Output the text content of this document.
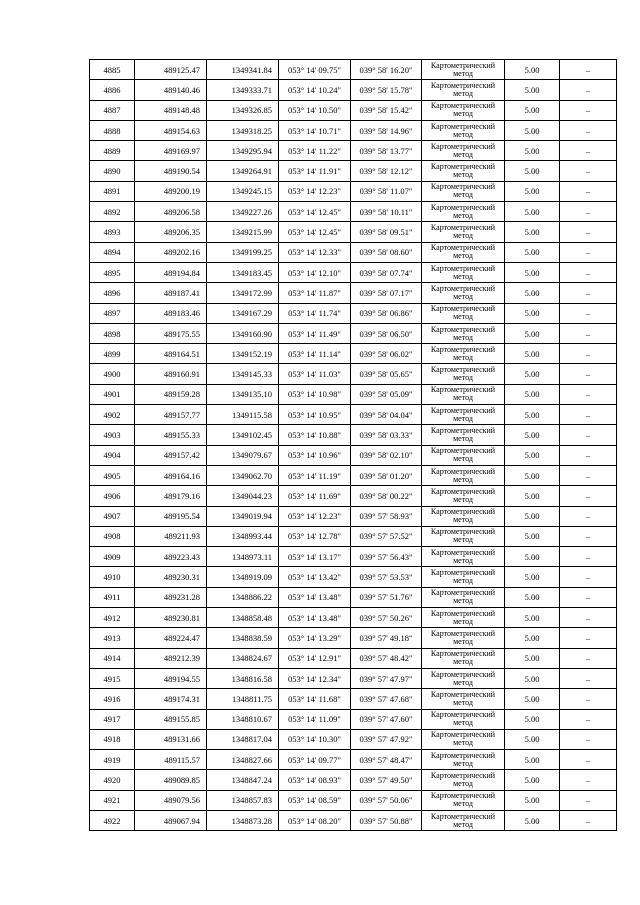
4885	489125.47	1349341.84	053° 14' 09.75"	039° 58' 16.20"	Картометрический метод	5.00	–
4886	489140.46	1349333.71	053° 14' 10.24"	039° 58' 15.78"	Картометрический метод	5.00	–
4887	489148.48	1349326.85	053° 14' 10.50"	039° 58' 15.42"	Картометрический метод	5.00	–
4888	489154.63	1349318.25	053° 14' 10.71"	039° 58' 14.96"	Картометрический метод	5.00	–
4889	489169.97	1349295.94	053° 14' 11.22"	039° 58' 13.77"	Картометрический метод	5.00	–
4890	489190.54	1349264.91	053° 14' 11.91"	039° 58' 12.12"	Картометрический метод	5.00	–
4891	489200.19	1349245.15	053° 14' 12.23"	039° 58' 11.07"	Картометрический метод	5.00	–
4892	489206.58	1349227.26	053° 14' 12.45"	039° 58' 10.11"	Картометрический метод	5.00	–
4893	489206.35	1349215.99	053° 14' 12.45"	039° 58' 09.51"	Картометрический метод	5.00	–
4894	489202.16	1349199.25	053° 14' 12.33"	039° 58' 08.60"	Картометрический метод	5.00	–
4895	489194.84	1349183.45	053° 14' 12.10"	039° 58' 07.74"	Картометрический метод	5.00	–
4896	489187.41	1349172.99	053° 14' 11.87"	039° 58' 07.17"	Картометрический метод	5.00	–
4897	489183.46	1349167.29	053° 14' 11.74"	039° 58' 06.86"	Картометрический метод	5.00	–
4898	489175.55	1349160.90	053° 14' 11.49"	039° 58' 06.50"	Картометрический метод	5.00	–
4899	489164.51	1349152.19	053° 14' 11.14"	039° 58' 06.02"	Картометрический метод	5.00	–
4900	489160.91	1349145.33	053° 14' 11.03"	039° 58' 05.65"	Картометрический метод	5.00	–
4901	489159.28	1349135.10	053° 14' 10.98"	039° 58' 05.09"	Картометрический метод	5.00	–
4902	489157.77	1349115.58	053° 14' 10.95"	039° 58' 04.04"	Картометрический метод	5.00	–
4903	489155.33	1349102.45	053° 14' 10.88"	039° 58' 03.33"	Картометрический метод	5.00	–
4904	489157.42	1349079.67	053° 14' 10.96"	039° 58' 02.10"	Картометрический метод	5.00	–
4905	489164.16	1349062.70	053° 14' 11.19"	039° 58' 01.20"	Картометрический метод	5.00	–
4906	489179.16	1349044.23	053° 14' 11.69"	039° 58' 00.22"	Картометрический метод	5.00	–
4907	489195.54	1349019.94	053° 14' 12.23"	039° 57' 58.93"	Картометрический метод	5.00	–
4908	489211.93	1348993.44	053° 14' 12.78"	039° 57' 57.52"	Картометрический метод	5.00	–
4909	489223.43	1348973.11	053° 14' 13.17"	039° 57' 56.43"	Картометрический метод	5.00	–
4910	489230.31	1348919.09	053° 14' 13.42"	039° 57' 53.53"	Картометрический метод	5.00	–
4911	489231.28	1348886.22	053° 14' 13.48"	039° 57' 51.76"	Картометрический метод	5.00	–
4912	489230.81	1348858.48	053° 14' 13.48"	039° 57' 50.26"	Картометрический метод	5.00	–
4913	489224.47	1348838.59	053° 14' 13.29"	039° 57' 49.18"	Картометрический метод	5.00	–
4914	489212.39	1348824.67	053° 14' 12.91"	039° 57' 48.42"	Картометрический метод	5.00	–
4915	489194.55	1348816.58	053° 14' 12.34"	039° 57' 47.97"	Картометрический метод	5.00	–
4916	489174.31	1348811.75	053° 14' 11.68"	039° 57' 47.68"	Картометрический метод	5.00	–
4917	489155.85	1348810.67	053° 14' 11.09"	039° 57' 47.60"	Картометрический метод	5.00	–
4918	489131.66	1348817.04	053° 14' 10.30"	039° 57' 47.92"	Картометрический метод	5.00	–
4919	489115.57	1348827.66	053° 14' 09.77"	039° 57' 48.47"	Картометрический метод	5.00	–
4920	489089.85	1348847.24	053° 14' 08.93"	039° 57' 49.50"	Картометрический метод	5.00	–
4921	489079.56	1348857.83	053° 14' 08.59"	039° 57' 50.06"	Картометрический метод	5.00	–
4922	489067.94	1348873.28	053° 14' 08.20"	039° 57' 50.88"	Картометрический метод	5.00	–
